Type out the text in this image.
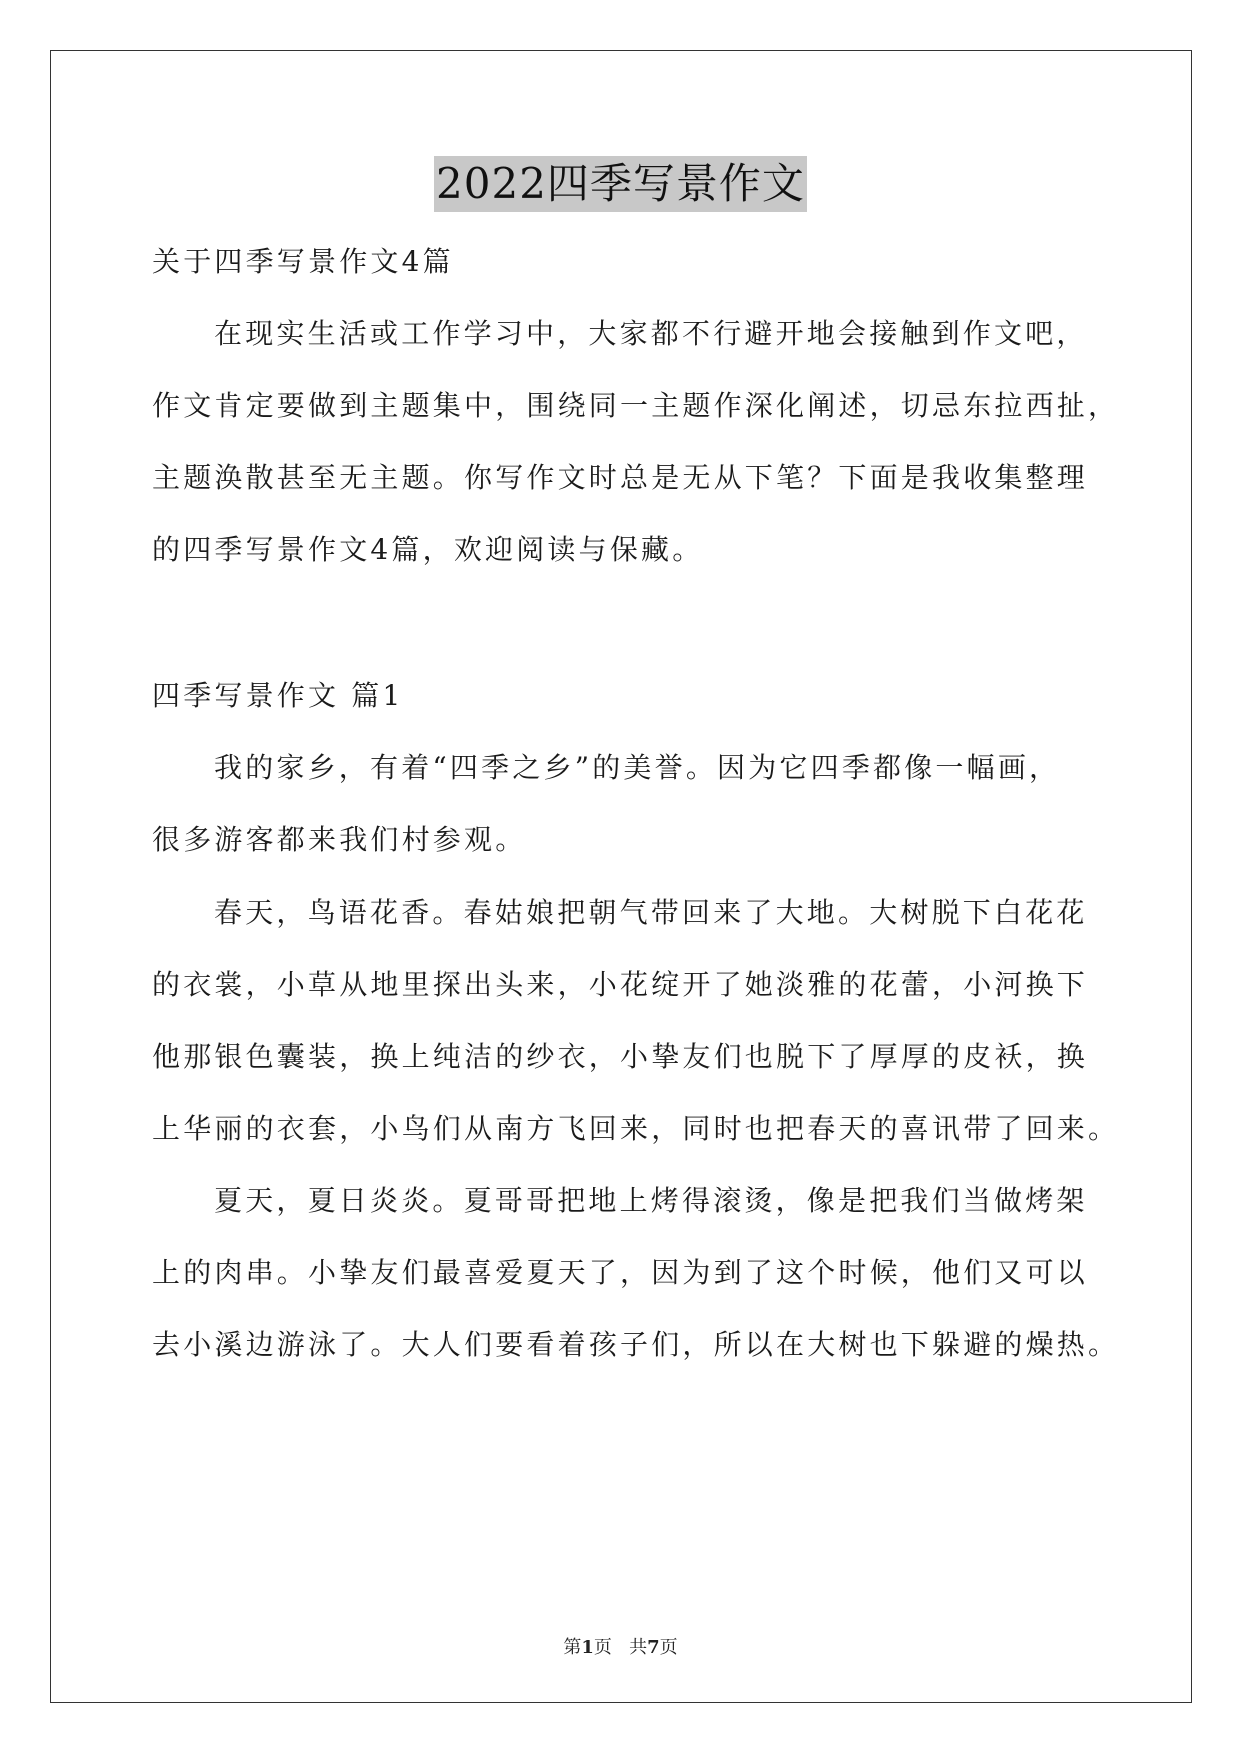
2022四季写景作文
关于四季写景作文4篇
在现实生活或工作学习中，大家都不行避开地会接触到作文吧，
作文肯定要做到主题集中，围绕同一主题作深化阐述，切忌东拉西扯，
主题涣散甚至无主题。你写作文时总是无从下笔？下面是我收集整理
的四季写景作文4篇，欢迎阅读与保藏。
四季写景作文 篇1
我的家乡，有着“四季之乡”的美誉。因为它四季都像一幅画，
很多游客都来我们村参观。
春天，鸟语花香。春姑娘把朝气带回来了大地。大树脱下白花花
的衣裳，小草从地里探出头来，小花绽开了她淡雅的花蕾，小河换下
他那银色囊装，换上纯洁的纱衣，小挚友们也脱下了厚厚的皮袄，换
上华丽的衣套，小鸟们从南方飞回来，同时也把春天的喜讯带了回来。
夏天，夏日炎炎。夏哥哥把地上烤得滚烫，像是把我们当做烤架
上的肉串。小挚友们最喜爱夏天了，因为到了这个时候，他们又可以
去小溪边游泳了。大人们要看着孩子们，所以在大树也下躲避的燥热。
第1页   共7页
